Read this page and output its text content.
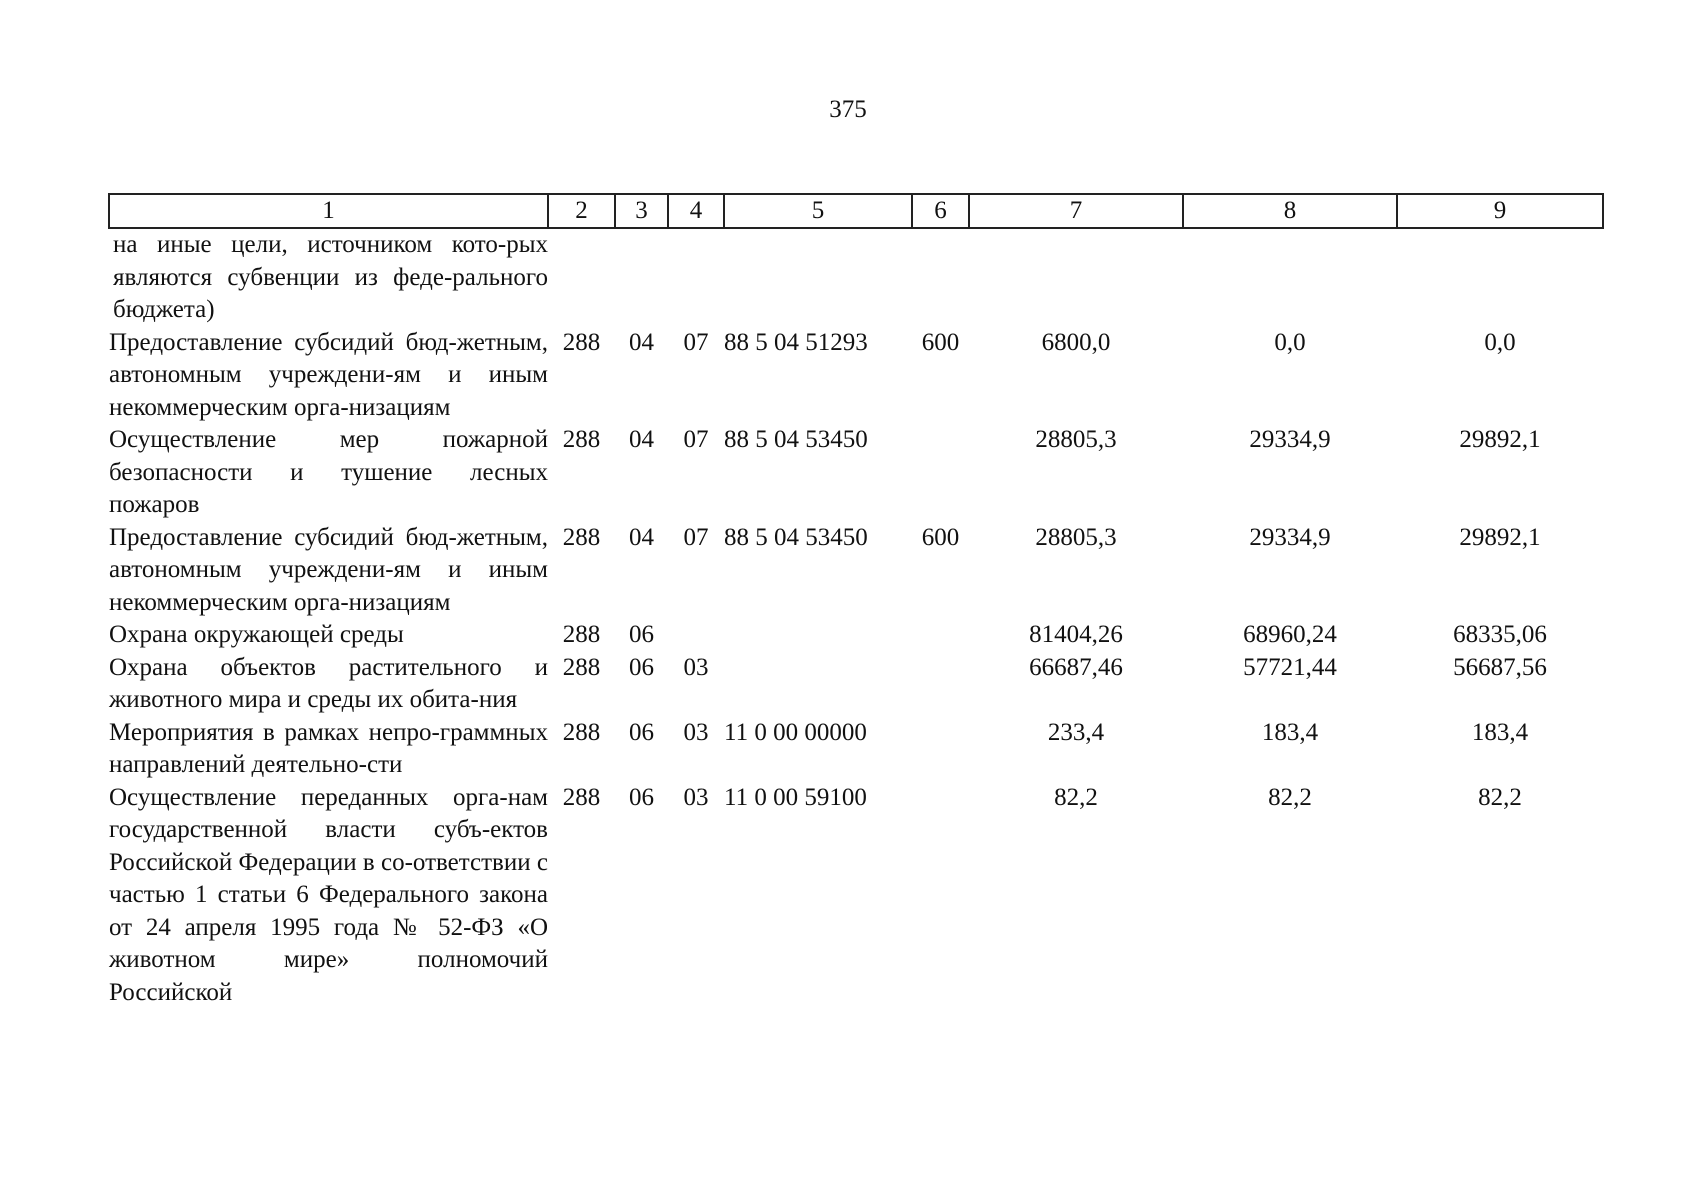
375
1	2	3	4	5	6	7	8	9
на иные цели, источником кото-рых являются субвенции из феде-рального бюджета)								
Предоставление субсидий бюд-жетным, автономным учреждени-ям и иным некоммерческим орга-низациям	288	04	07	88 5 04 51293	600	6800,0	0,0	0,0
Осуществление мер пожарной безопасности и тушение лесных пожаров	288	04	07	88 5 04 53450		28805,3	29334,9	29892,1
Предоставление субсидий бюд-жетным, автономным учреждени-ям и иным некоммерческим орга-низациям	288	04	07	88 5 04 53450	600	28805,3	29334,9	29892,1
Охрана окружающей среды	288	06				81404,26	68960,24	68335,06
Охрана объектов растительного и животного мира и среды их обита-ния	288	06	03			66687,46	57721,44	56687,56
Мероприятия в рамках непро-граммных направлений деятельно-сти	288	06	03	11 0 00 00000		233,4	183,4	183,4
Осуществление переданных орга-нам государственной власти субъ-ектов Российской Федерации в со-ответствии с частью 1 статьи 6 Федерального закона от 24 апреля 1995 года № 52-ФЗ «О животном мире» полномочий Российской	288	06	03	11 0 00 59100		82,2	82,2	82,2
